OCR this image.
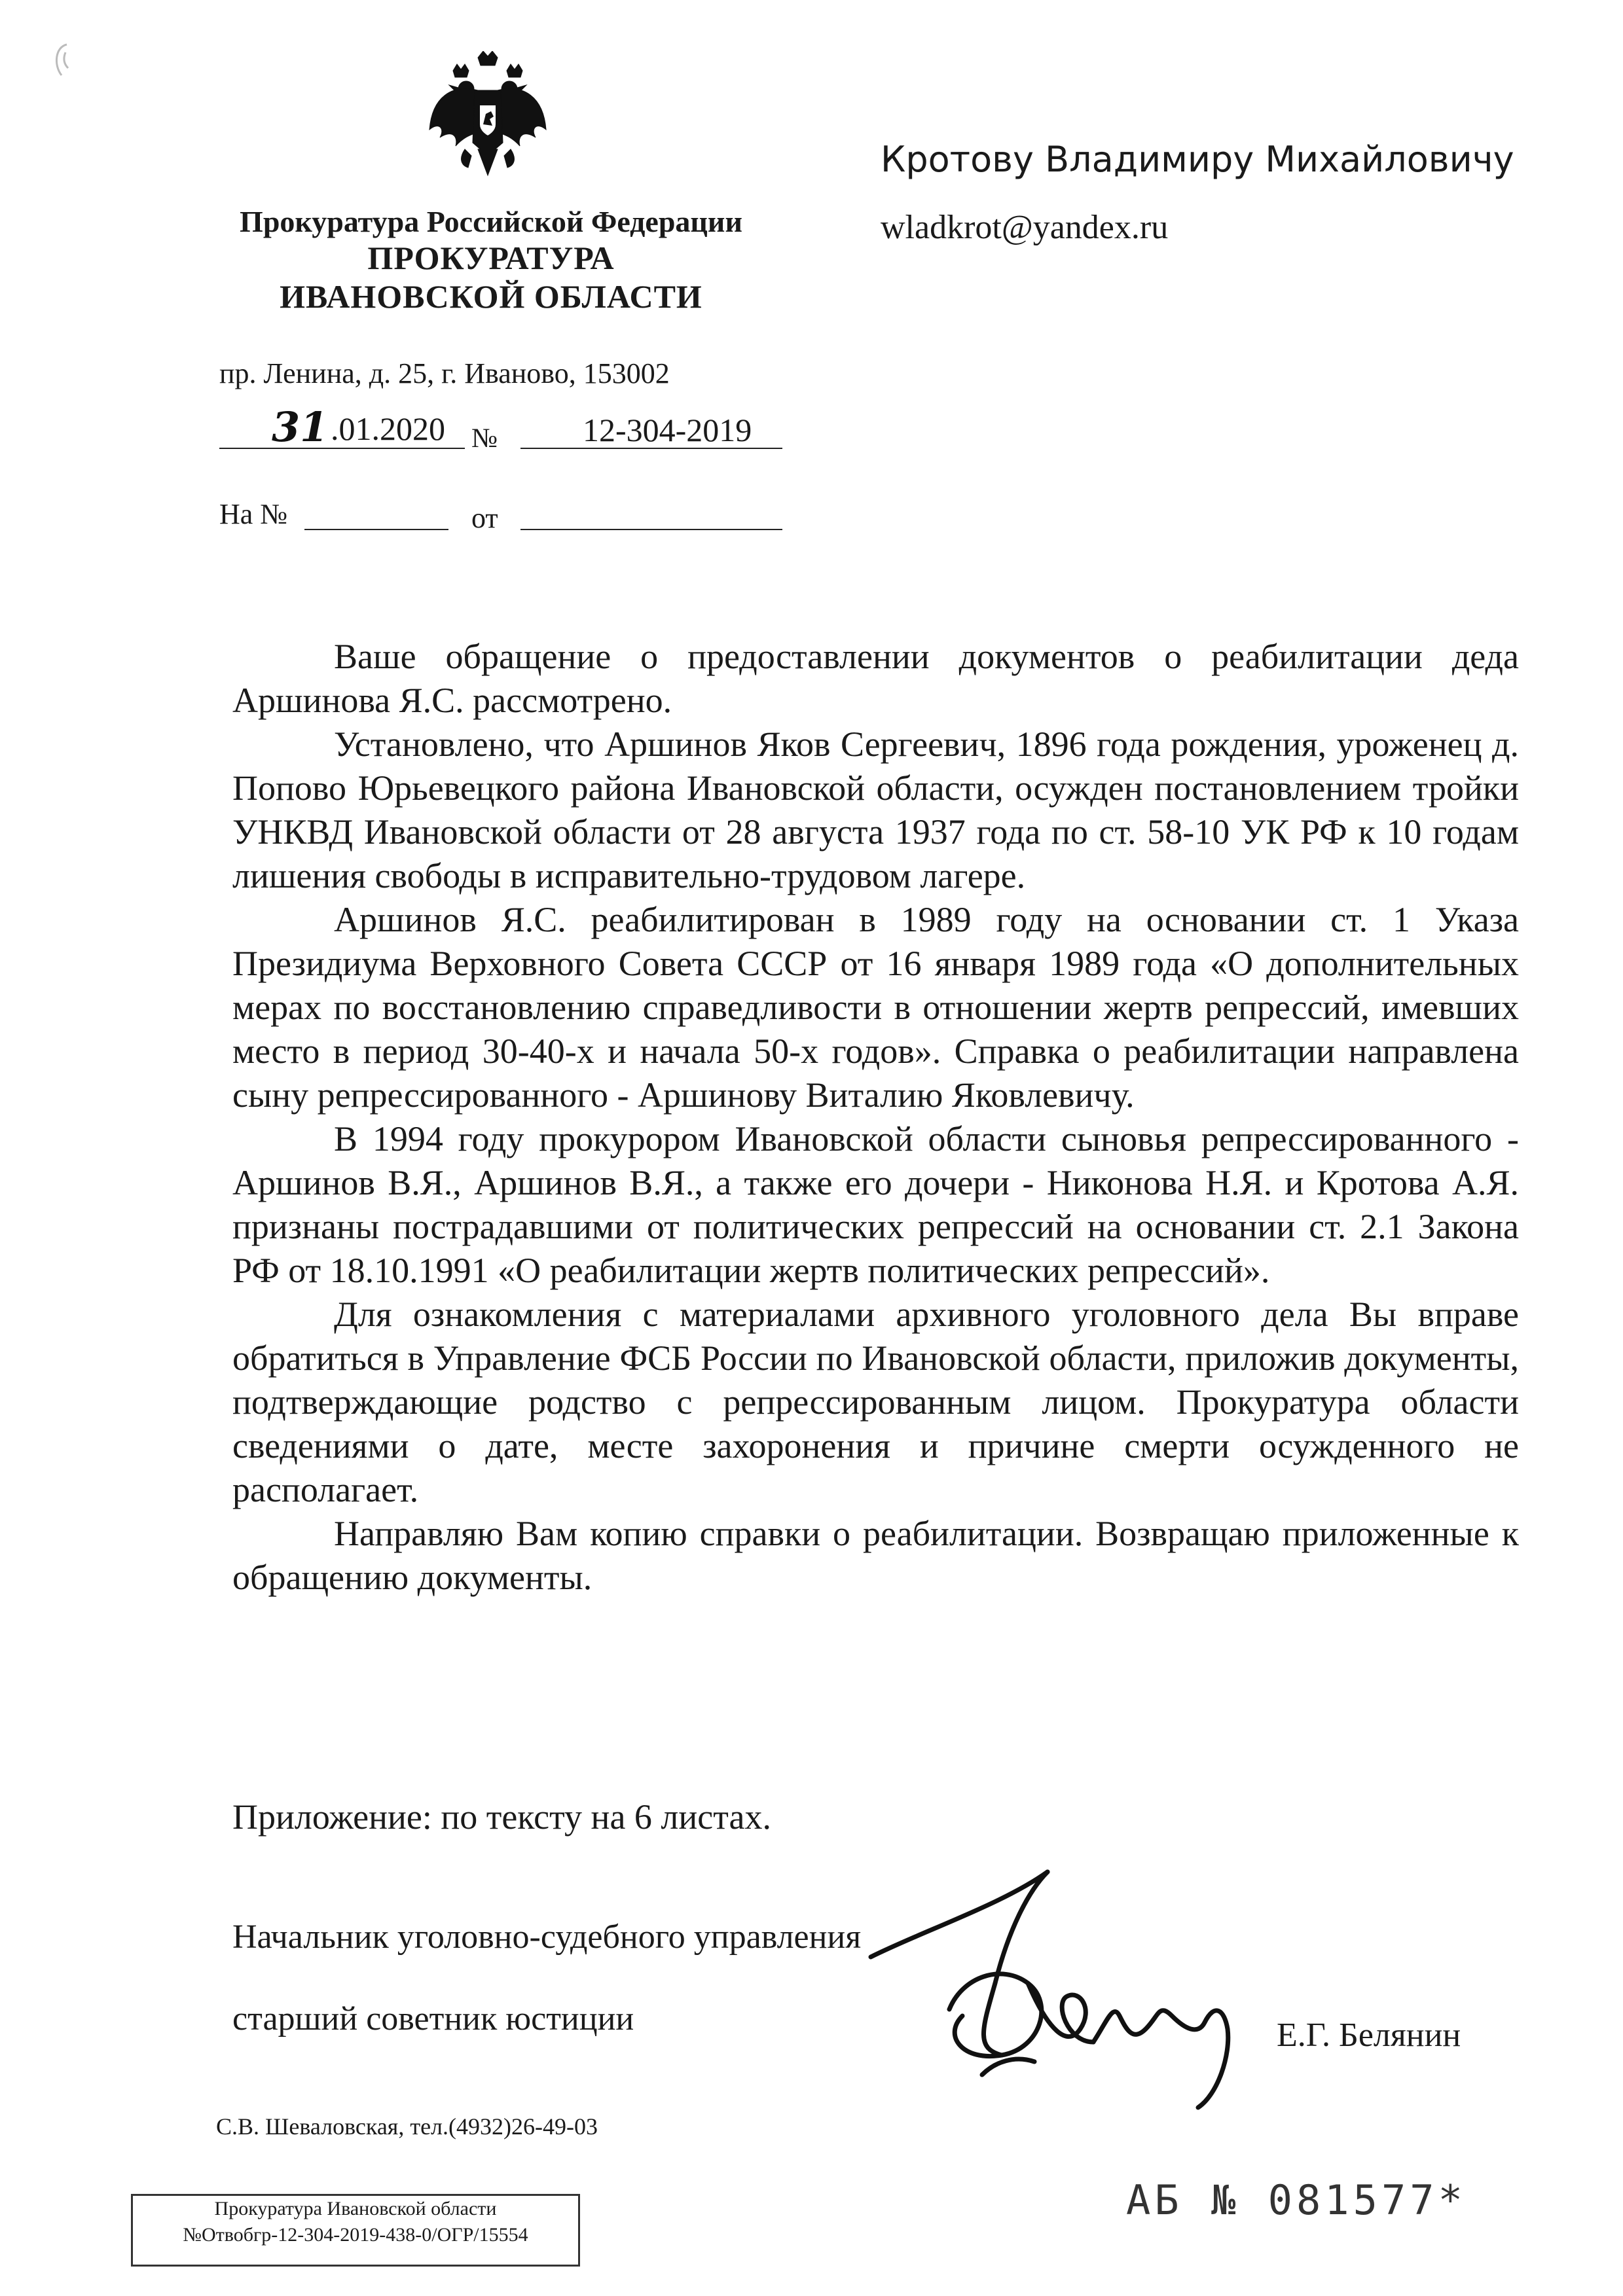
Прокуратура Российской Федерации
ПРОКУРАТУРА
ИВАНОВСКОЙ ОБЛАСТИ
пр. Ленина, д. 25, г. Иваново, 153002
31 .01.2020 №	12-304-2019
На №	от
Кротову Владимиру Михайловичу
wladkrot@yandex.ru

Ваше обращение о предоставлении документов о реабилитации деда Аршинова Я.С. рассмотрено.

Установлено, что Аршинов Яков Сергеевич, 1896 года рождения, уроженец д. Попово Юрьевецкого района Ивановской области, осужден постановлением тройки УНКВД Ивановской области от 28 августа 1937 года по ст. 58-10 УК РФ к 10 годам лишения свободы в исправительно-трудовом лагере.

Аршинов Я.С. реабилитирован в 1989 году на основании ст. 1 Указа Президиума Верховного Совета СССР от 16 января 1989 года «О дополнительных мерах по восстановлению справедливости в отношении жертв репрессий, имевших место в период 30-40-х и начала 50-х годов». Справка о реабилитации направлена сыну репрессированного - Аршинову Виталию Яковлевичу.

В 1994 году прокурором Ивановской области сыновья репрессированного - Аршинов В.Я., Аршинов В.Я., а также его дочери - Никонова Н.Я. и Кротова А.Я. признаны пострадавшими от политических репрессий на основании ст. 2.1 Закона РФ от 18.10.1991 «О реабилитации жертв политических репрессий».

Для ознакомления с материалами архивного уголовного дела Вы вправе обратиться в Управление ФСБ России по Ивановской области, приложив документы, подтверждающие родство с репрессированным лицом. Прокуратура области сведениями о дате, месте захоронения и причине смерти осужденного не располагает.

Направляю Вам копию справки о реабилитации. Возвращаю приложенные к обращению документы.

Приложение: по тексту на 6 листах.
Начальник уголовно-судебного управления
старший советник юстиции	Е.Г. Белянин
С.В. Шеваловская, тел.(4932)26-49-03
Прокуратура Ивановской области
№Отвобгр-12-304-2019-438-0/ОГР/15554
АБ № 081577*
